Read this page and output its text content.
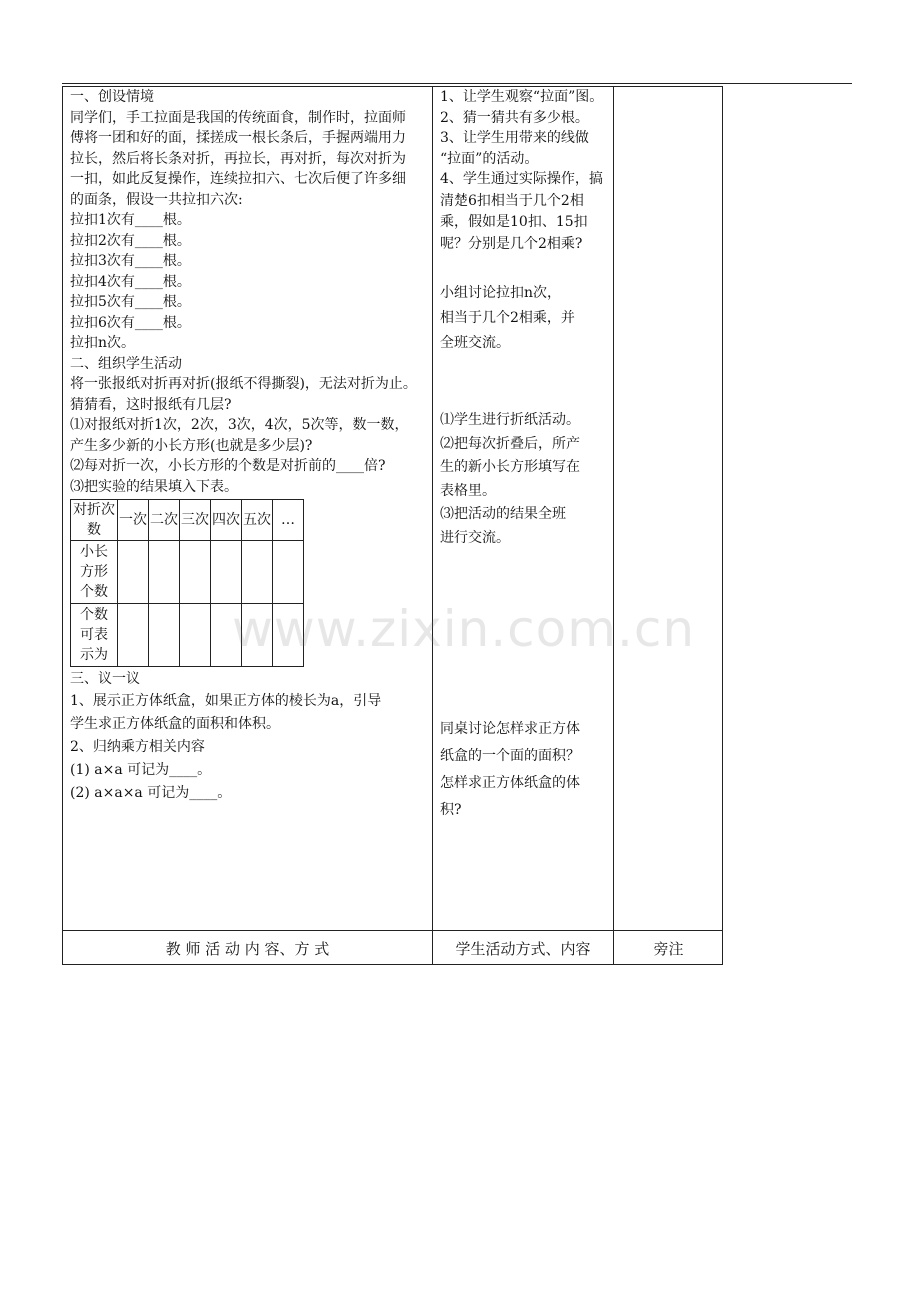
一、创设情境

同学们，手工拉面是我国的传统面食，制作时，拉面师

傅将一团和好的面，揉搓成一根长条后，手握两端用力

拉长，然后将长条对折，再拉长，再对折，每次对折为

一扣，如此反复操作，连续拉扣六、七次后便了许多细

的面条，假设一共拉扣六次:

拉扣1次有____根。

拉扣2次有____根。

拉扣3次有____根。

拉扣4次有____根。

拉扣5次有____根。

拉扣6次有____根。

拉扣n次。

二、组织学生活动

将一张报纸对折再对折(报纸不得撕裂)，无法对折为止。

猜猜看，这时报纸有几层?

⑴对报纸对折1次，2次，3次，4次，5次等，数一数，

产生多少新的小长方形(也就是多少层)?

⑵每对折一次，小长方形的个数是对折前的____倍?

⑶把实验的结果填入下表。

对折次数	一次	二次	三次	四次	五次	…
小长方形个数						
个数可表示为						

三、议一议

1、展示正方体纸盒，如果正方体的棱长为a，引导

学生求正方体纸盒的面积和体积。

2、归纳乘方相关内容

(1) a×a 可记为____。

(2) a×a×a 可记为____。

1、让学生观察“拉面”图。

2、猜一猜共有多少根。

3、让学生用带来的线做

“拉面”的活动。

4、学生通过实际操作，搞

清楚6扣相当于几个2相

乘，假如是10扣、15扣

呢？分别是几个2相乘?

小组讨论拉扣n次，

相当于几个2相乘，并

全班交流。

⑴学生进行折纸活动。

⑵把每次折叠后，所产

生的新小长方形填写在

表格里。

⑶把活动的结果全班

进行交流。

同桌讨论怎样求正方体

纸盒的一个面的面积？

怎样求正方体纸盒的体

积?

教 师 活 动 内 容、方 式	学生活动方式、内容	旁注
www.zixin.com.cn
